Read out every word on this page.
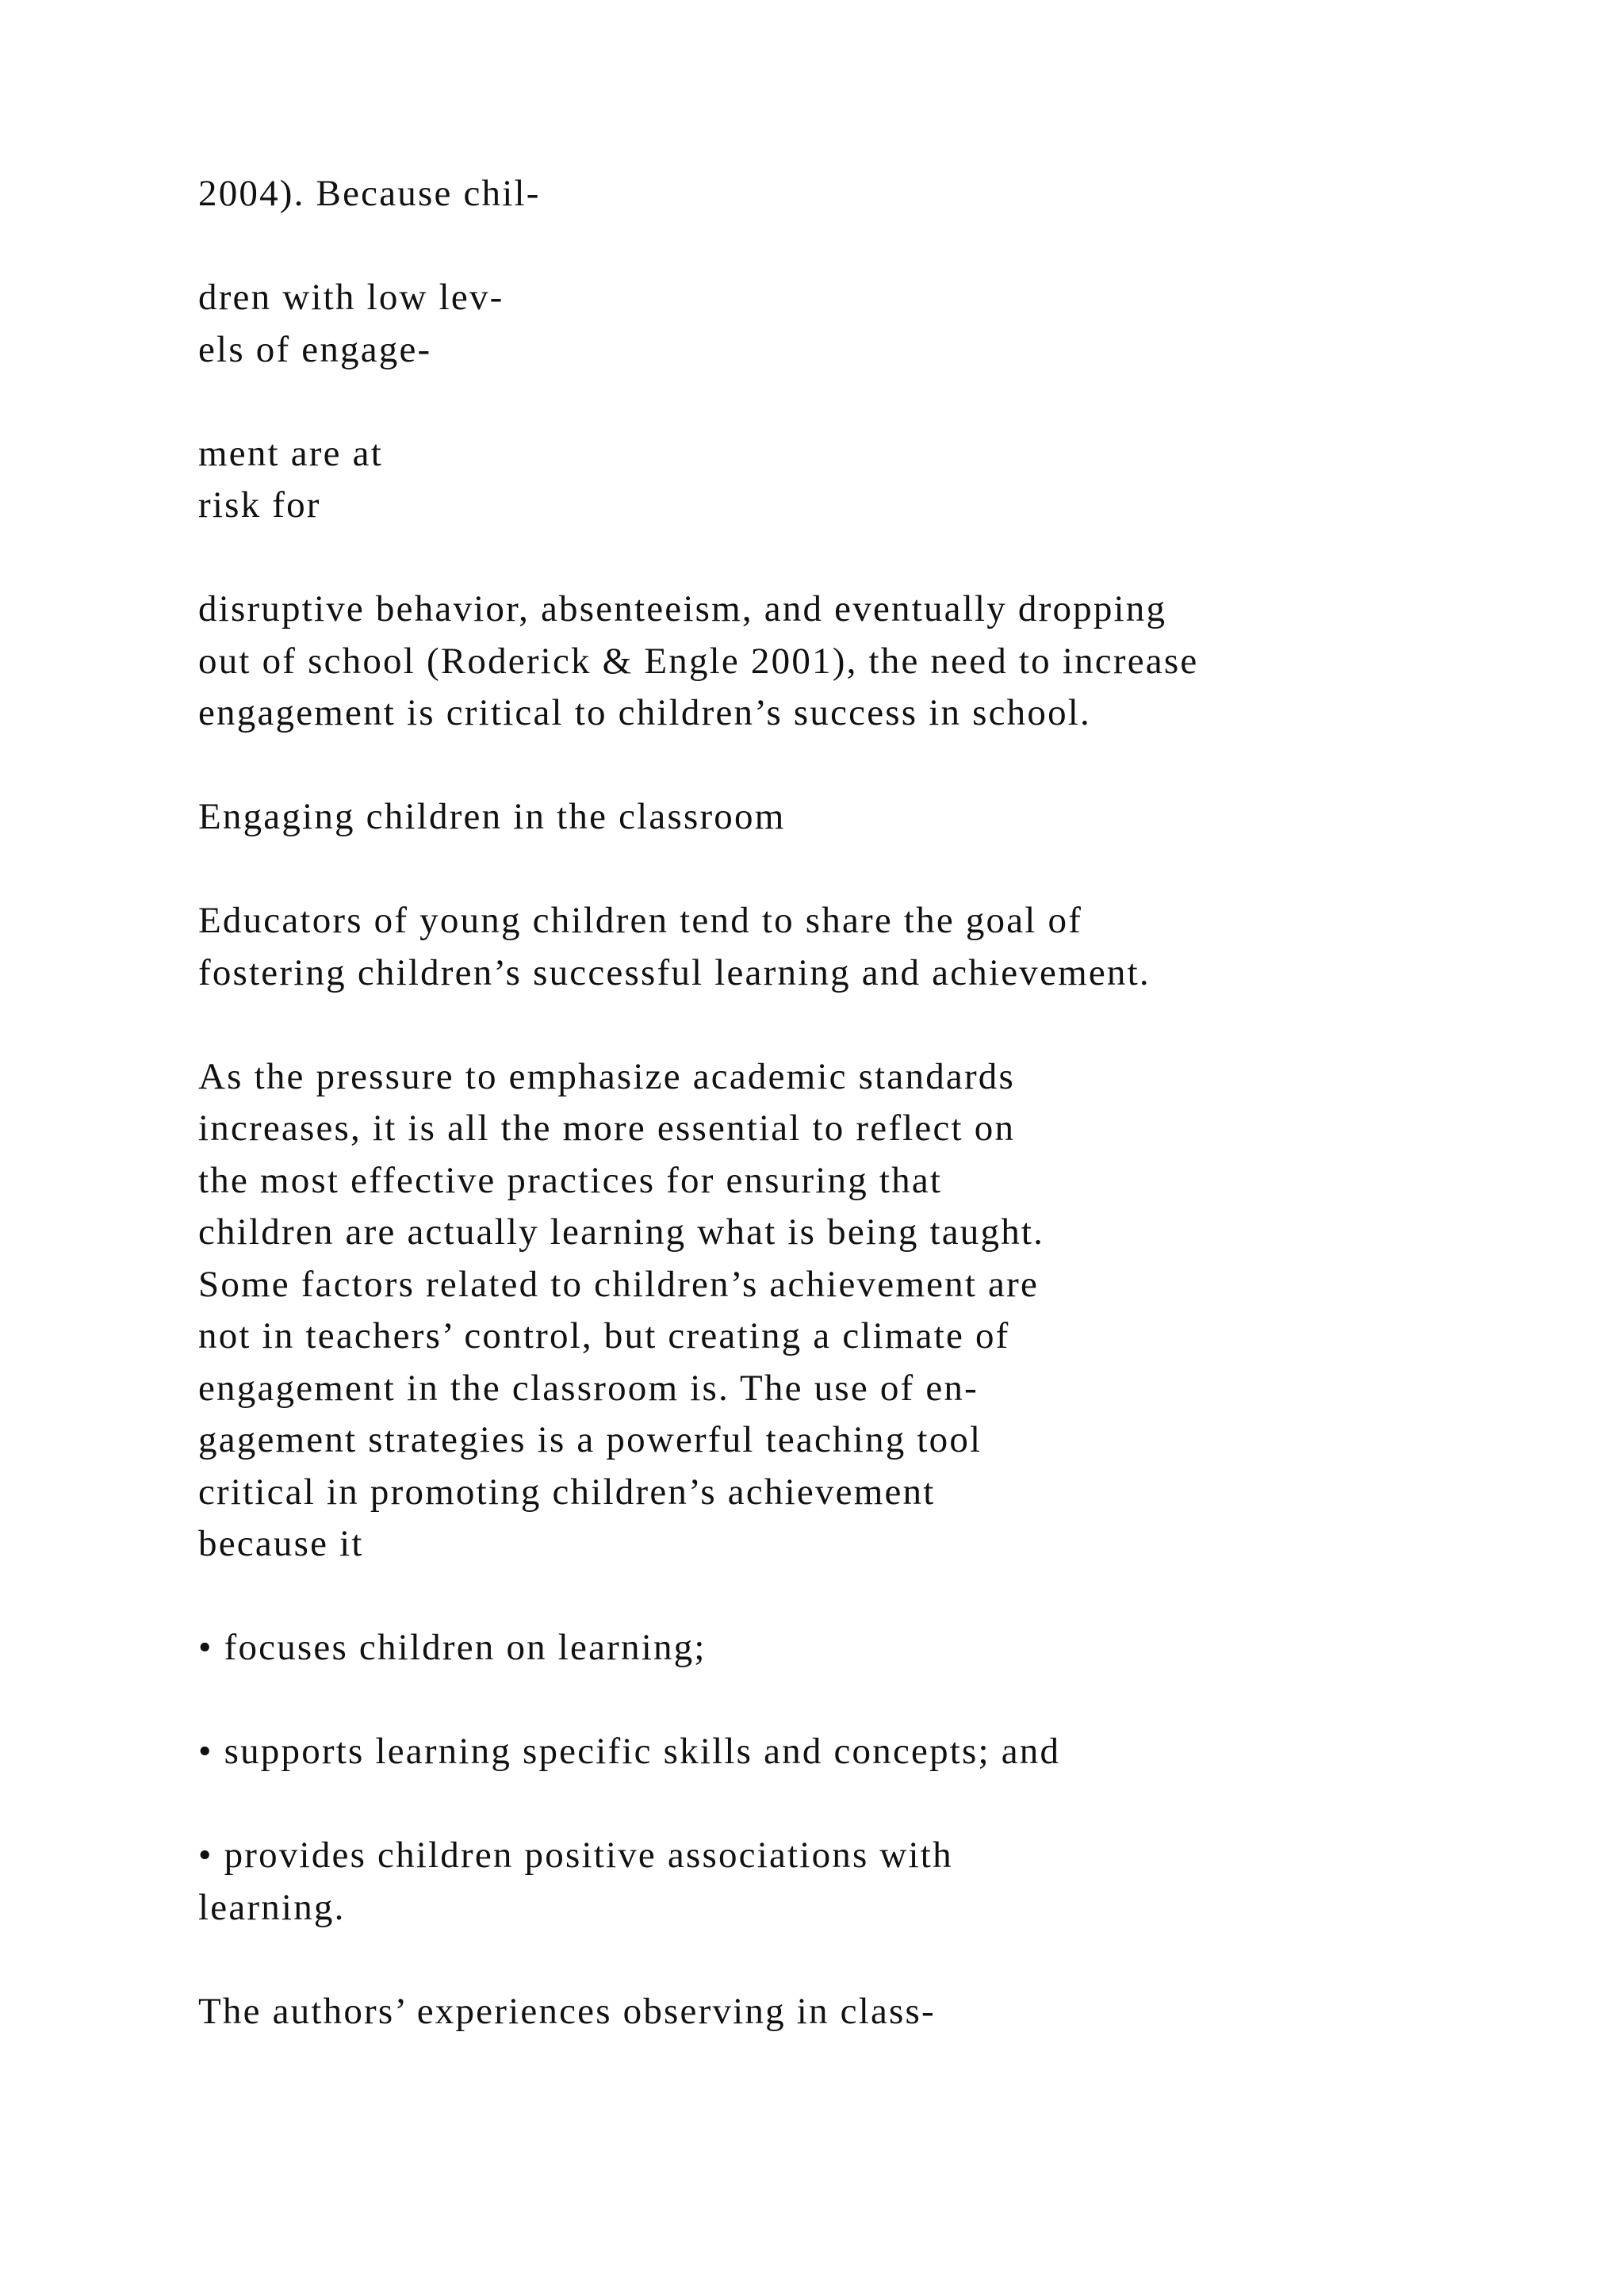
2004). Because chil-

dren with low lev-
els of engage-

ment are at
risk for

disruptive behavior, absenteeism, and eventually dropping
out of school (Roderick & Engle 2001), the need to increase
engagement is critical to children’s success in school.

Engaging children in the classroom

Educators of young children tend to share the goal of
fostering children’s successful learning and achievement.

As the pressure to emphasize academic standards
increases, it is all the more essential to reflect on
the most effective practices for ensuring that
children are actually learning what is being taught.
Some factors related to children’s achievement are
not in teachers’ control, but creating a climate of
engagement in the classroom is. The use of en-
gagement strategies is a powerful teaching tool
critical in promoting children’s achievement
because it

• focuses children on learning;

• supports learning specific skills and concepts; and

• provides children positive associations with
learning.

The authors’ experiences observing in class-
